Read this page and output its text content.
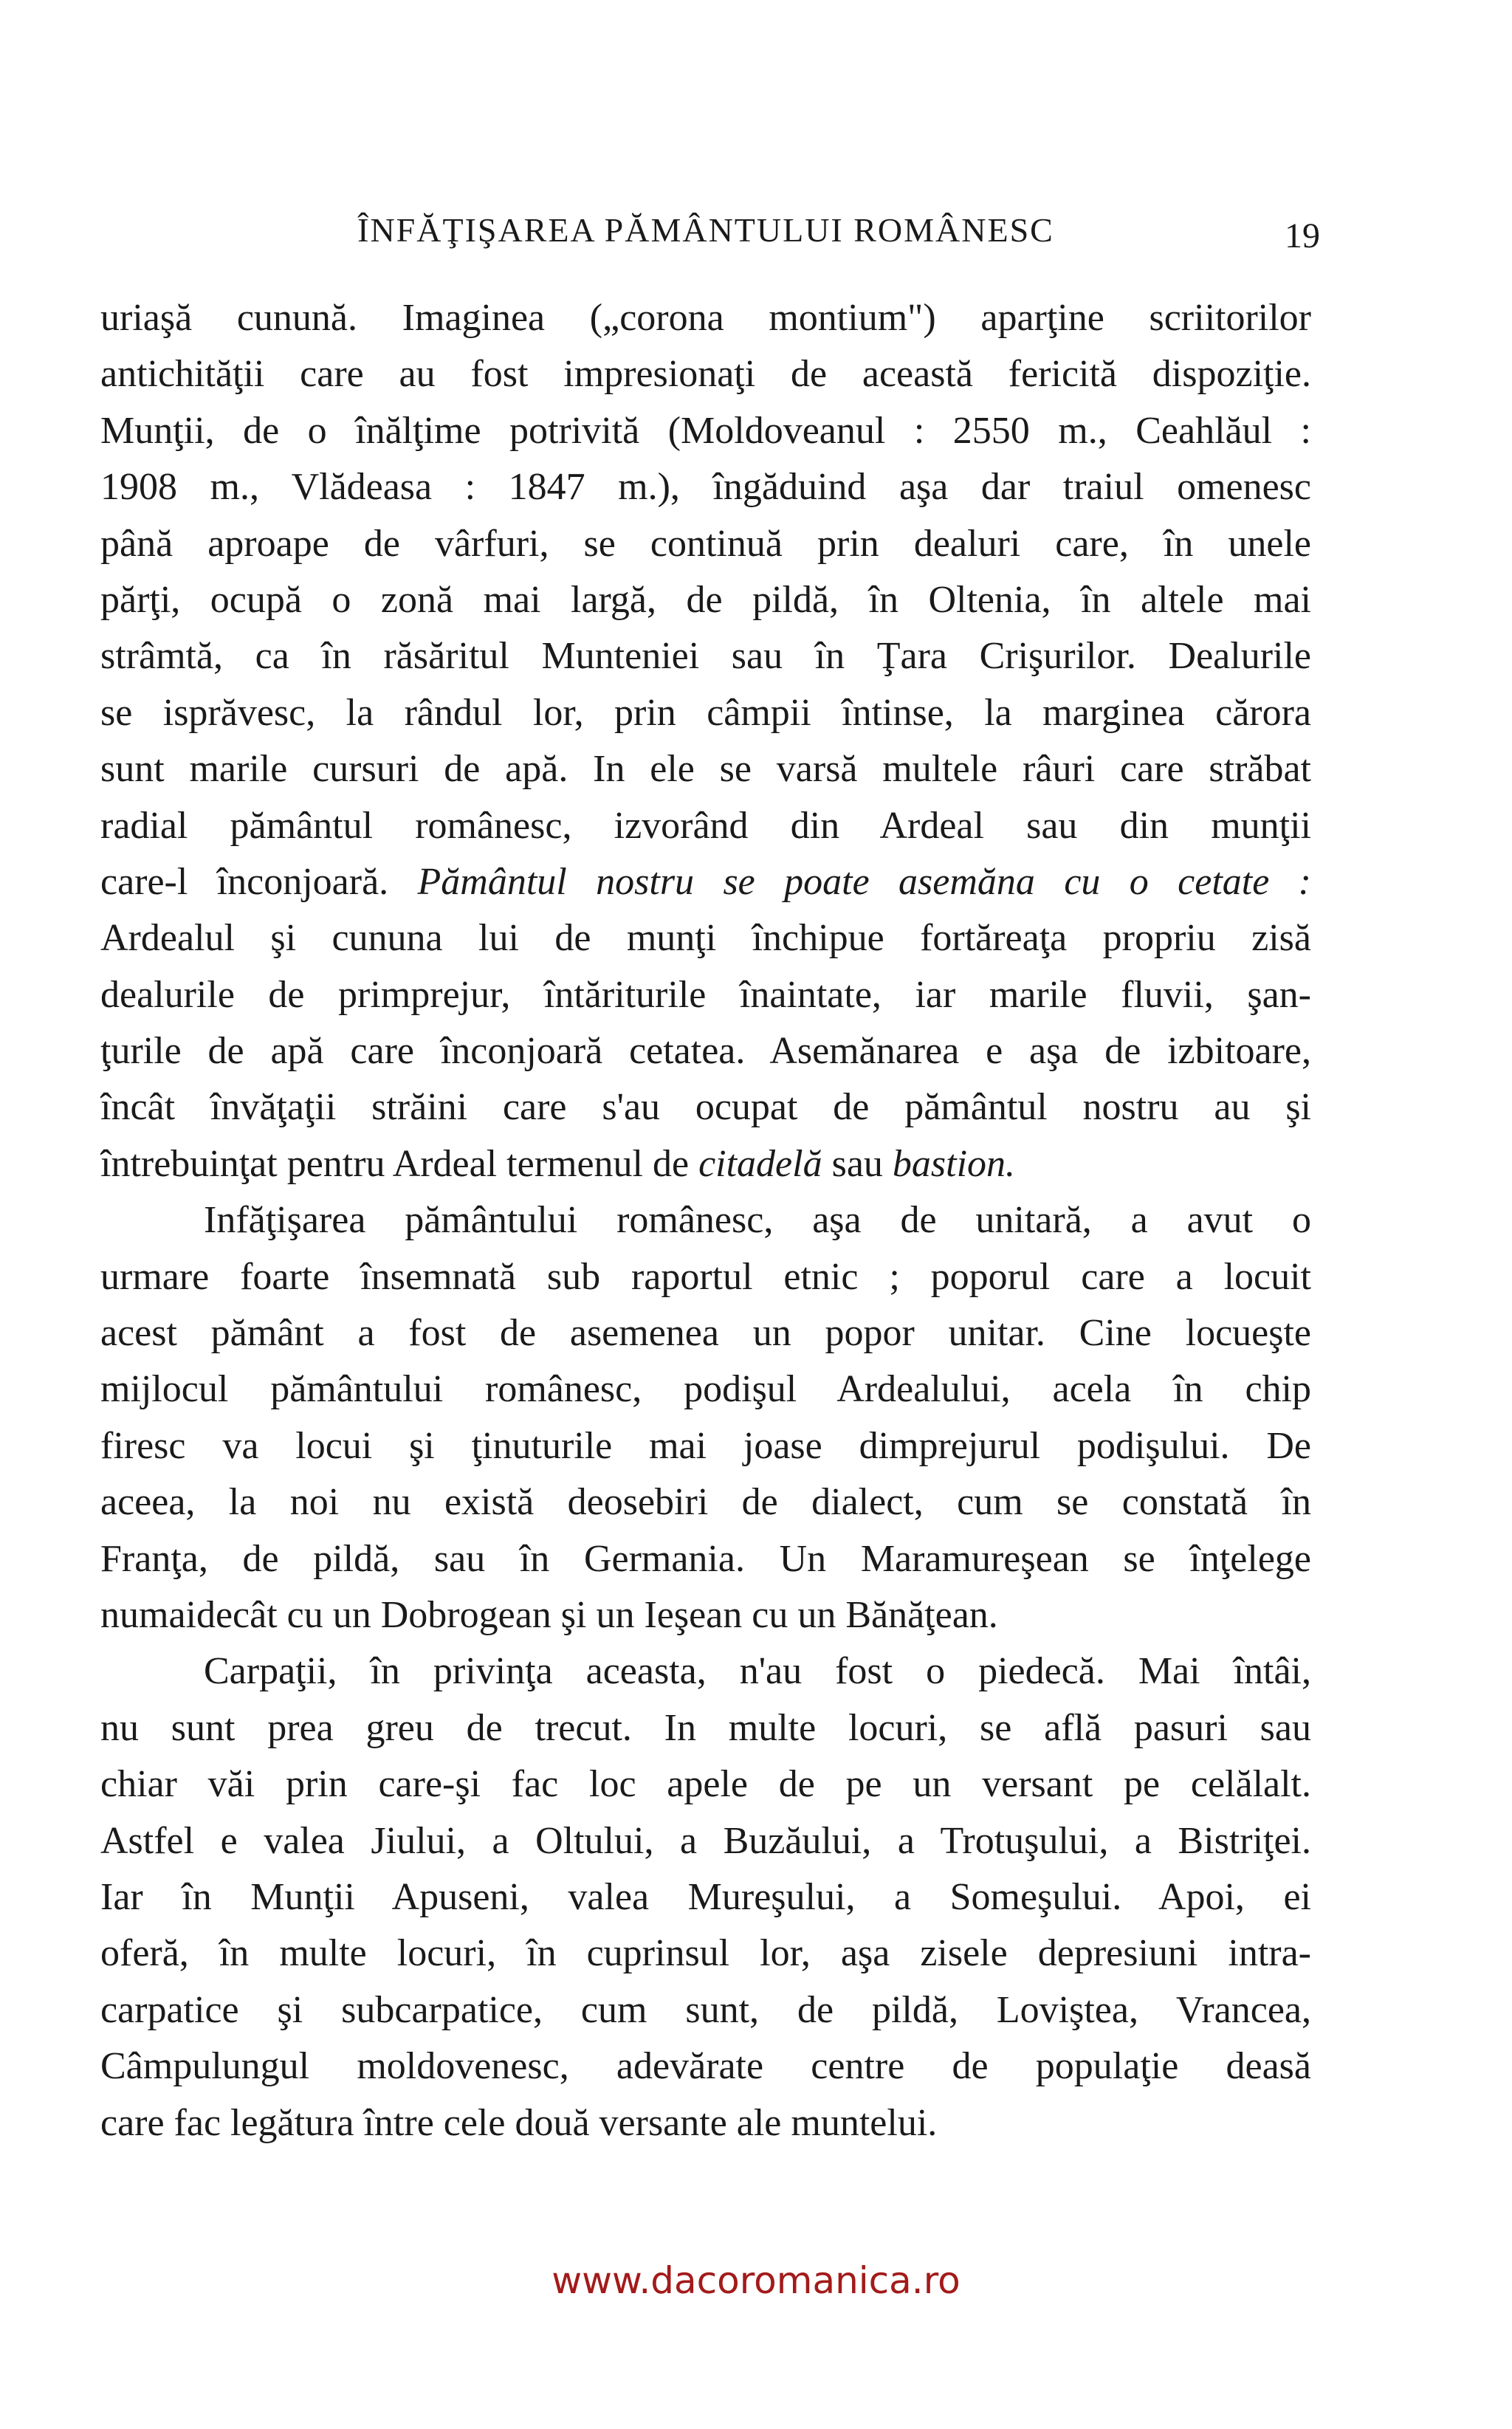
ÎNFĂŢIŞAREA PĂMÂNTULUI ROMÂNESC	19
uriaşă cunună. Imaginea („corona montium") aparţine scriitorilor
antichităţii care au fost impresionaţi de această fericită dispoziţie.
Munţii, de o înălţime potrivită (Moldoveanul : 2550 m., Ceahlăul :
1908 m., Vlădeasa : 1847 m.), îngăduind aşa dar traiul omenesc
până aproape de vârfuri, se continuă prin dealuri care, în unele
părţi, ocupă o zonă mai largă, de pildă, în Oltenia, în altele mai
strâmtă, ca în răsăritul Munteniei sau în Ţara Crişurilor. Dealurile
se isprăvesc, la rândul lor, prin câmpii întinse, la marginea cărora
sunt marile cursuri de apă. In ele se varsă multele râuri care străbat
radial pământul românesc, izvorând din Ardeal sau din munţii
care-l înconjoară. Pământul nostru se poate asemăna cu o cetate :
Ardealul şi cununa lui de munţi închipue fortăreaţa propriu zisă
dealurile de primprejur, întăriturile înaintate, iar marile fluvii, şan-
ţurile de apă care înconjoară cetatea. Asemănarea e aşa de izbitoare,
încât învăţaţii străini care s'au ocupat de pământul nostru au şi
întrebuinţat pentru Ardeal termenul de citadelă sau bastion.
Infăţişarea pământului românesc, aşa de unitară, a avut o
urmare foarte însemnată sub raportul etnic ; poporul care a locuit
acest pământ a fost de asemenea un popor unitar. Cine locueşte
mijlocul pământului românesc, podişul Ardealului, acela în chip
firesc va locui şi ţinuturile mai joase dimprejurul podişului. De
aceea, la noi nu există deosebiri de dialect, cum se constată în
Franţa, de pildă, sau în Germania. Un Maramureşean se înţelege
numaidecât cu un Dobrogean şi un Ieşean cu un Bănăţean.
Carpaţii, în privinţa aceasta, n'au fost o piedecă. Mai întâi,
nu sunt prea greu de trecut. In multe locuri, se află pasuri sau
chiar văi prin care-şi fac loc apele de pe un versant pe celălalt.
Astfel e valea Jiului, a Oltului, a Buzăului, a Trotuşului, a Bistriţei.
Iar în Munţii Apuseni, valea Mureşului, a Someşului. Apoi, ei
oferă, în multe locuri, în cuprinsul lor, aşa zisele depresiuni intra-
carpatice şi subcarpatice, cum sunt, de pildă, Loviştea, Vrancea,
Câmpulungul moldovenesc, adevărate centre de populaţie deasă
care fac legătura între cele două versante ale muntelui.
www.dacoromanica.ro
